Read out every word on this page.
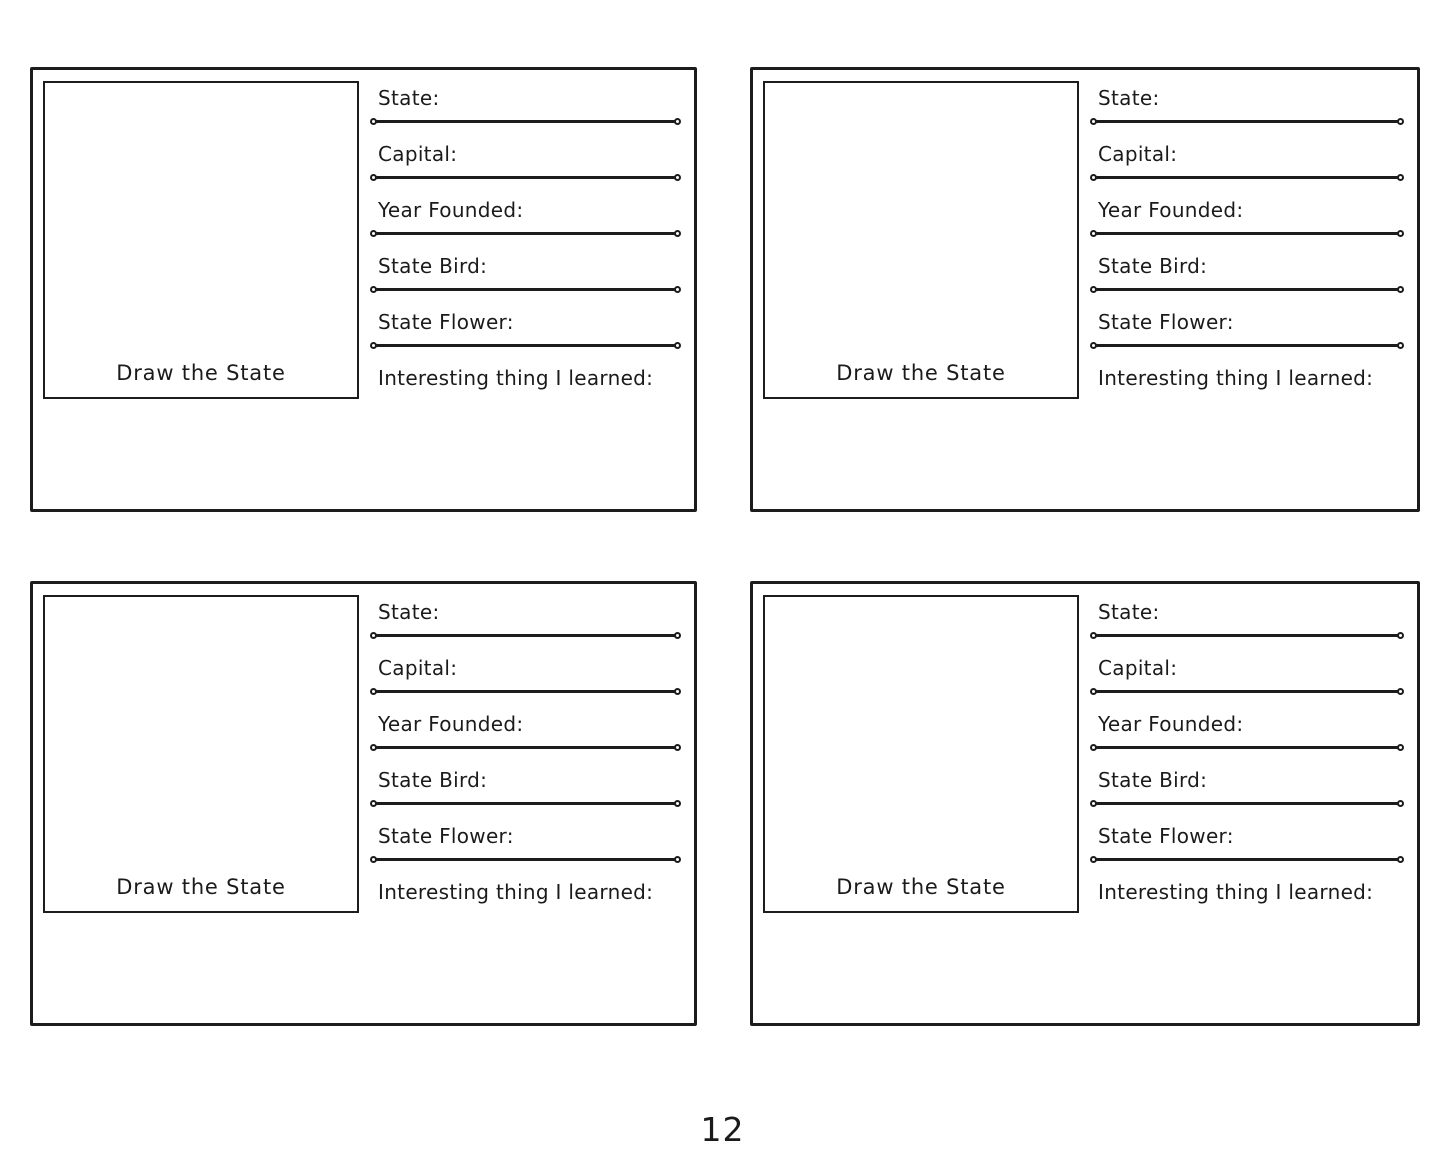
Draw the State
State:
Capital:
Year Founded:
State Bird:
State Flower:
Interesting thing I learned:	Draw the State
State:
Capital:
Year Founded:
State Bird:
State Flower:
Interesting thing I learned:
Draw the State
State:
Capital:
Year Founded:
State Bird:
State Flower:
Interesting thing I learned:	Draw the State
State:
Capital:
Year Founded:
State Bird:
State Flower:
Interesting thing I learned:
12
